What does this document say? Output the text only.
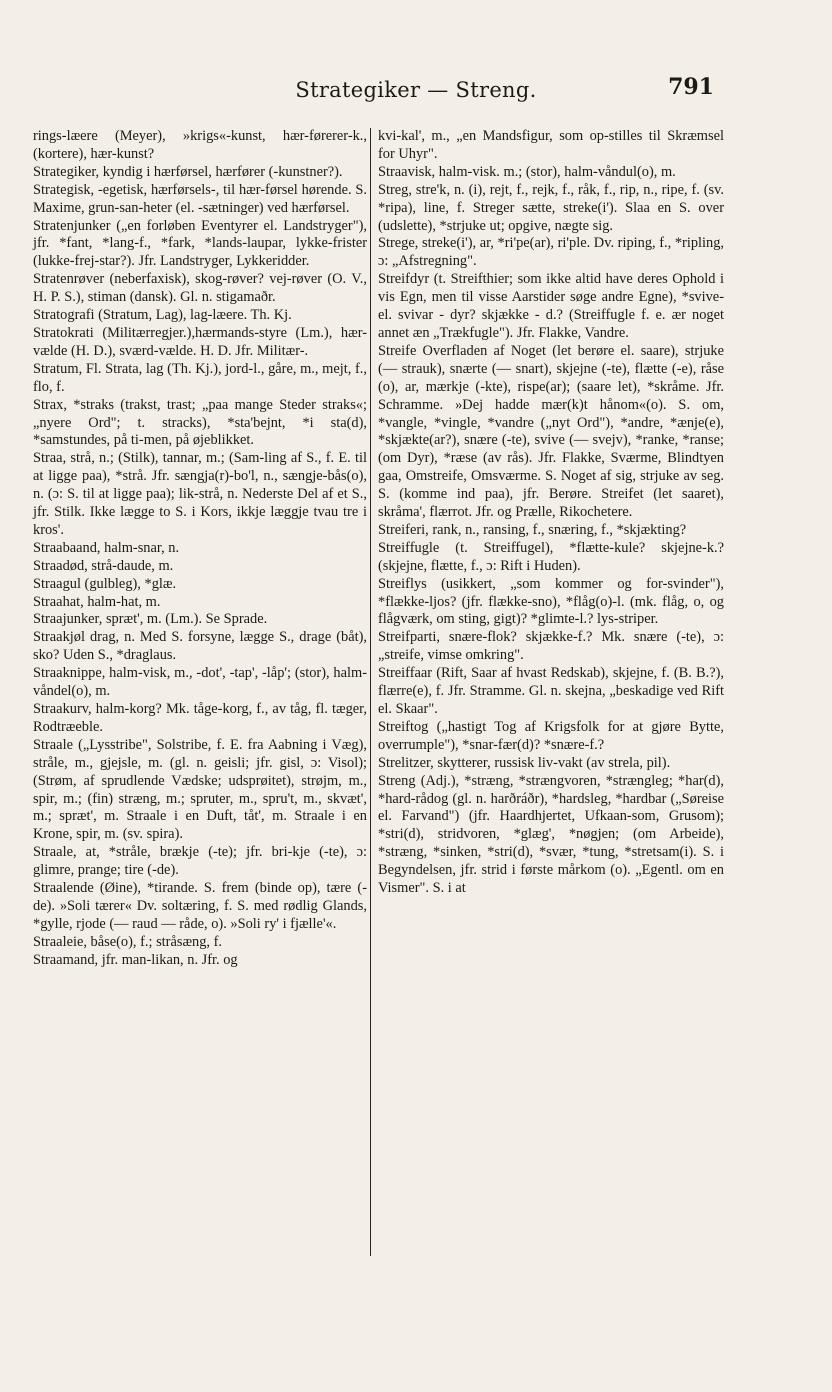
Strategiker — Streng.	791

rings-læere (Meyer), »krigs«-kunst, hær-førerer-k., (kortere), hær-kunst?

Strategiker, kyndig i hærførsel, hærfører (-kunstner?).

Strategisk, -egetisk, hærførsels-, til hær-førsel hørende. S. Maxime, grun-san-heter (el. -sætninger) ved hærførsel.

Stratenjunker („en forløben Eventyrer el. Landstryger"), jfr. *fant, *lang-f., *fark, *lands-laupar, lykke-frister (lukke-frej-star?). Jfr. Landstryger, Lykkeridder.

Stratenrøver (neberfaxisk), skog-røver? vej-røver (O. V., H. P. S.), stiman (dansk). Gl. n. stigamaðr.

Stratografi (Stratum, Lag), lag-læere. Th. Kj.

Stratokrati (Militærregjer.),hærmands-styre (Lm.), hær-vælde (H. D.), sværd-vælde. H. D. Jfr. Militær-.

Stratum, Fl. Strata, lag (Th. Kj.), jord-l., gåre, m., mejt, f., flo, f.

Strax, *straks (trakst, trast; „paa mange Steder straks«; „nyere Ord"; t. stracks), *sta'bejnt, *i sta(d), *samstundes, på ti-men, på øjeblikket.

Straa, strå, n.; (Stilk), tannar, m.; (Sam-ling af S., f. E. til at ligge paa), *strå. Jfr. sængja(r)-bo'l, n., sængje-bås(o), n. (ɔ: S. til at ligge paa); lik-strå, n. Nederste Del af et S., jfr. Stilk. Ikke lægge to S. i Kors, ikkje læggje tvau tre i kros'.

Straabaand, halm-snar, n.

Straadød, strå-daude, m.

Straagul (gulbleg), *glæ.

Straahat, halm-hat, m.

Straajunker, spræt', m. (Lm.). Se Sprade.

Straakjøl drag, n. Med S. forsyne, lægge S., drage (båt), sko? Uden S., *draglaus.

Straaknippe, halm-visk, m., -dot', -tap', -låp'; (stor), halm-våndel(o), m.

Straakurv, halm-korg? Mk. tåge-korg, f., av tåg, fl. tæger, Rodtræeble.

Straale („Lysstribe", Solstribe, f. E. fra Aabning i Væg), stråle, m., gjejsle, m. (gl. n. geisli; jfr. gisl, ɔ: Visol); (Strøm, af sprudlende Vædske; udsprøitet), strøjm, m., spir, m.; (fin) stræng, m.; spruter, m., spru't, m., skvæt', m.; spræt', m. Straale i en Duft, tåt', m. Straale i en Krone, spir, m. (sv. spira).

Straale, at, *stråle, brækje (-te); jfr. bri-kje (-te), ɔ: glimre, prange; tire (-de).

Straalende (Øine), *tirande. S. frem (binde op), tære (-de). »Soli tærer« Dv. soltæring, f. S. med rødlig Glands, *gylle, rjode (— raud — råde, o). »Soli ry' i fjælle'«.

Straaleie, båse(o), f.; stråsæng, f.

Straamand, jfr. man-likan, n. Jfr. og

kvi-kal', m., „en Mandsfigur, som op-stilles til Skræmsel for Uhyr".

Straavisk, halm-visk. m.; (stor), halm-våndul(o), m.

Streg, stre'k, n. (i), rejt, f., rejk, f., råk, f., rip, n., ripe, f. (sv. *ripa), line, f. Streger sætte, streke(i'). Slaa en S. over (udslette), *strjuke ut; opgive, nægte sig.

Strege, streke(i'), ar, *ri'pe(ar), ri'ple. Dv. riping, f., *ripling, ɔ: „Afstregning".

Streifdyr (t. Streifthier; som ikke altid have deres Ophold i vis Egn, men til visse Aarstider søge andre Egne), *svive- el. svivar - dyr? skjække - d.? (Streiffugle f. e. ær noget annet æn „Trækfugle"). Jfr. Flakke, Vandre.

Streife Overfladen af Noget (let berøre el. saare), strjuke (— strauk), snærte (— snart), skjejne (-te), flætte (-e), råse (o), ar, mærkje (-kte), rispe(ar); (saare let), *skråme. Jfr. Schramme. »Dej hadde mær(k)t hånom«(o). S. om, *vangle, *vingle, *vandre („nyt Ord"), *andre, *ænje(e), *skjækte(ar?), snære (-te), svive (— svejv), *ranke, *ranse; (om Dyr), *ræse (av rås). Jfr. Flakke, Sværme, Blindtyen gaa, Omstreife, Omsværme. S. Noget af sig, strjuke av seg. S. (komme ind paa), jfr. Berøre. Streifet (let saaret), skråma', flærrot. Jfr. og Prælle, Rikochetere.

Streiferi, rank, n., ransing, f., snæring, f., *skjækting?

Streiffugle (t. Streiffugel), *flætte-kule? skjejne-k.? (skjejne, flætte, f., ɔ: Rift i Huden).

Streiflys (usikkert, „som kommer og for-svinder"), *flække-ljos? (jfr. flække-sno), *flåg(o)-l. (mk. flåg, o, og flågværk, om sting, gigt)? *glimte-l.? lys-striper.

Streifparti, snære-flok? skjække-f.? Mk. snære (-te), ɔ: „streife, vimse omkring".

Streiffaar (Rift, Saar af hvast Redskab), skjejne, f. (B. B.?), flærre(e), f. Jfr. Stramme. Gl. n. skejna, „beskadige ved Rift el. Skaar".

Streiftog („hastigt Tog af Krigsfolk for at gjøre Bytte, overrumple"), *snar-fær(d)? *snære-f.?

Strelitzer, skytterer, russisk liv-vakt (av strela, pil).

Streng (Adj.), *stræng, *strængvoren, *strængleg; *har(d), *hard-rådog (gl. n. harðráðr), *hardsleg, *hardbar („Søreise el. Farvand") (jfr. Haardhjertet, Ufkaan-som, Grusom); *stri(d), stridvoren, *glæg', *nøgjen; (om Arbeide), *stræng, *sinken, *stri(d), *svær, *tung, *stretsam(i). S. i Begyndelsen, jfr. strid i første mårkom (o). „Egentl. om en Vismer". S. i at
